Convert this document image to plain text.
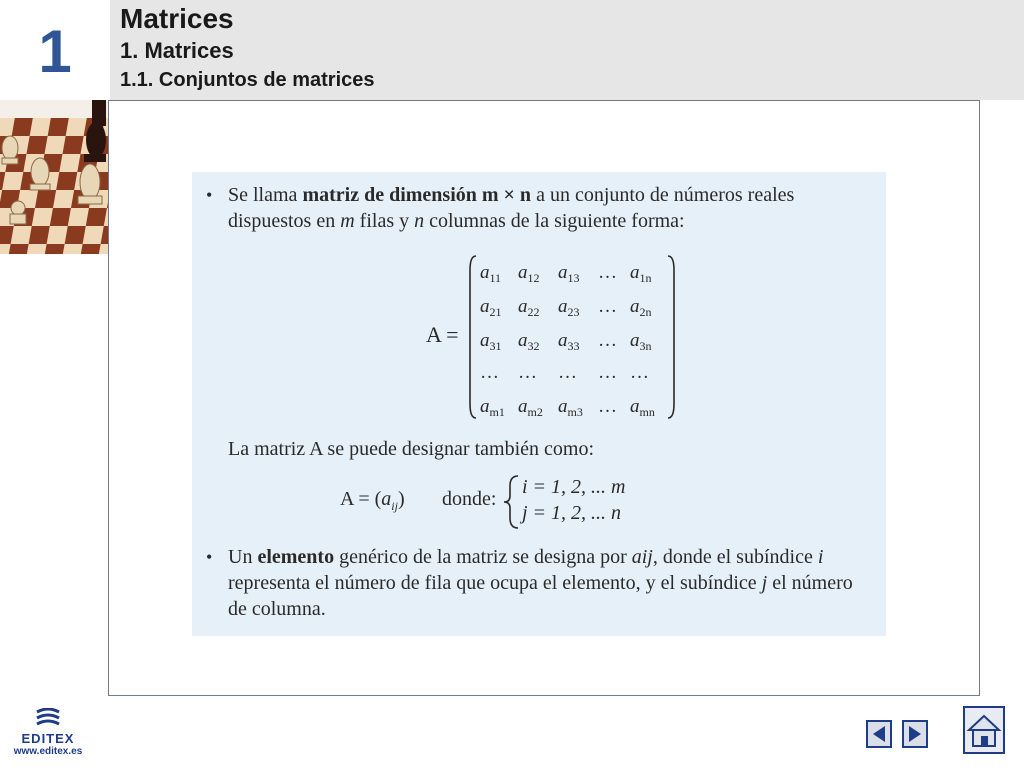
1	Matrices
1. Matrices
1.1. Conjuntos de matrices
• Se llama matriz de dimensión m × n a un conjunto de números reales dispuestos en m filas y n columnas de la siguiente forma:
A =
$a_{11}$ $a_{12}$ $a_{13}$ … $a_{1n}$
$a_{21}$ $a_{22}$ $a_{23}$ … $a_{2n}$
$a_{31}$ $a_{32}$ $a_{33}$ … $a_{3n}$
… … … … …
$a_{m1}$ $a_{m2}$ $a_{m3}$ … $a_{mn}$
La matriz A se puede designar también como:
$A = (a_{ij})$ donde:
i = 1, 2, ... m
j = 1, 2, ... n
• Un elemento genérico de la matriz se designa por aij, donde el subíndice i representa el número de fila que ocupa el elemento, y el subíndice j el número de columna.
EDITEX
www.editex.es
